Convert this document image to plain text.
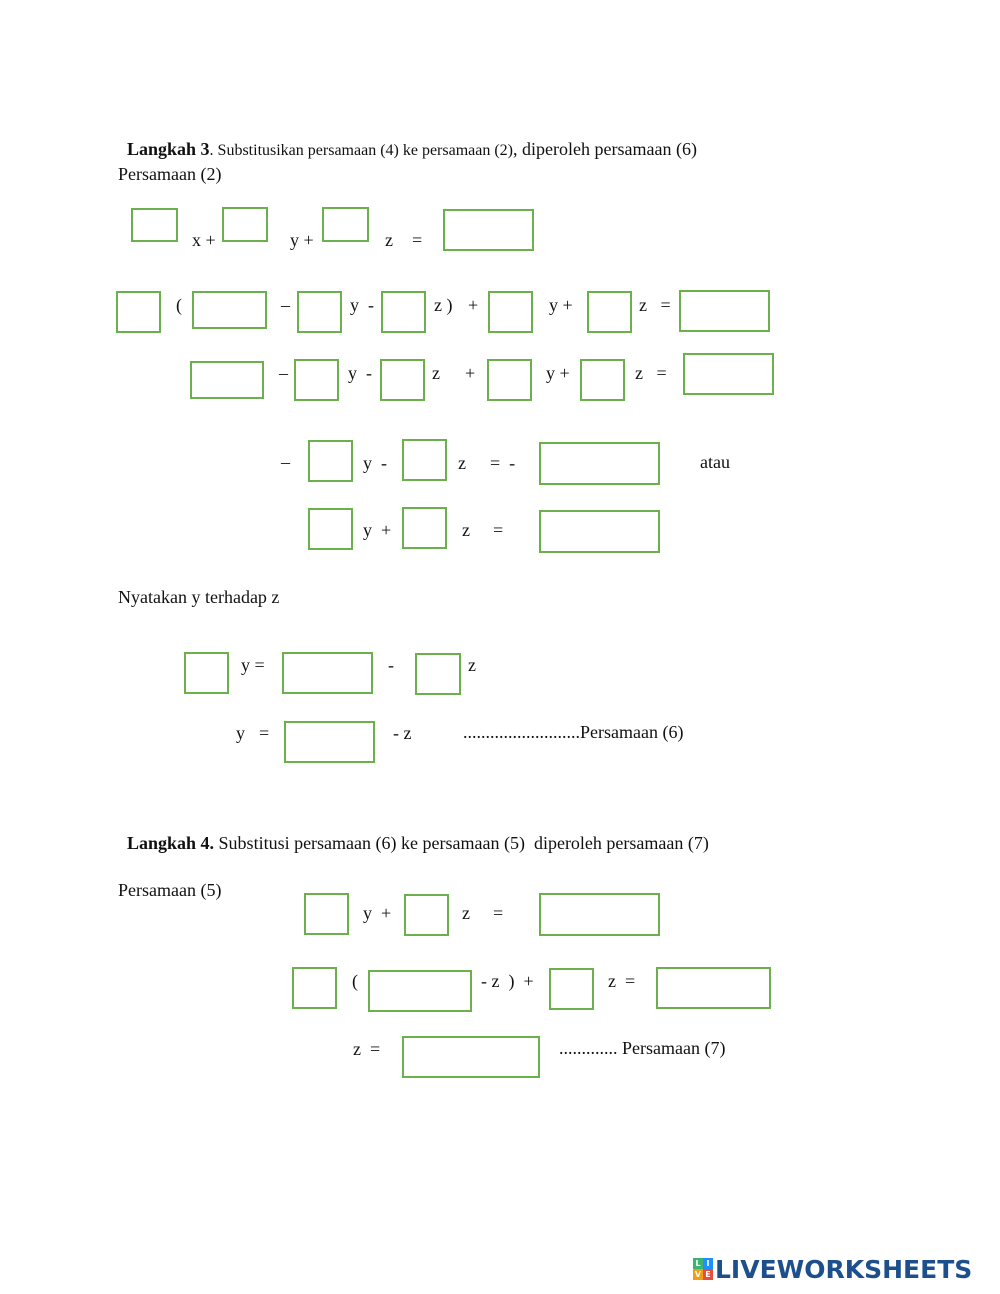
Langkah 3. Substitusikan persamaan (4) ke persamaan (2), diperoleh persamaan (6)

Persamaan (2)
x +	y +	z =
(	–	y  -	z ) +	y +	z   =
–	y  -	z +	y +	z   =
–	y  -	z =  -	atau
y  +	z =
Nyatakan y terhadap z
y =	-	z
y =	- z	..........................Persamaan (6)

Langkah 4. Substitusi persamaan (6) ke persamaan (5)  diperoleh persamaan (7)

Persamaan (5)
y  +	z =
(	- z  )  +	z  =
z  =	............. Persamaan (7)
L I
V E LIVEWORKSHEETS
